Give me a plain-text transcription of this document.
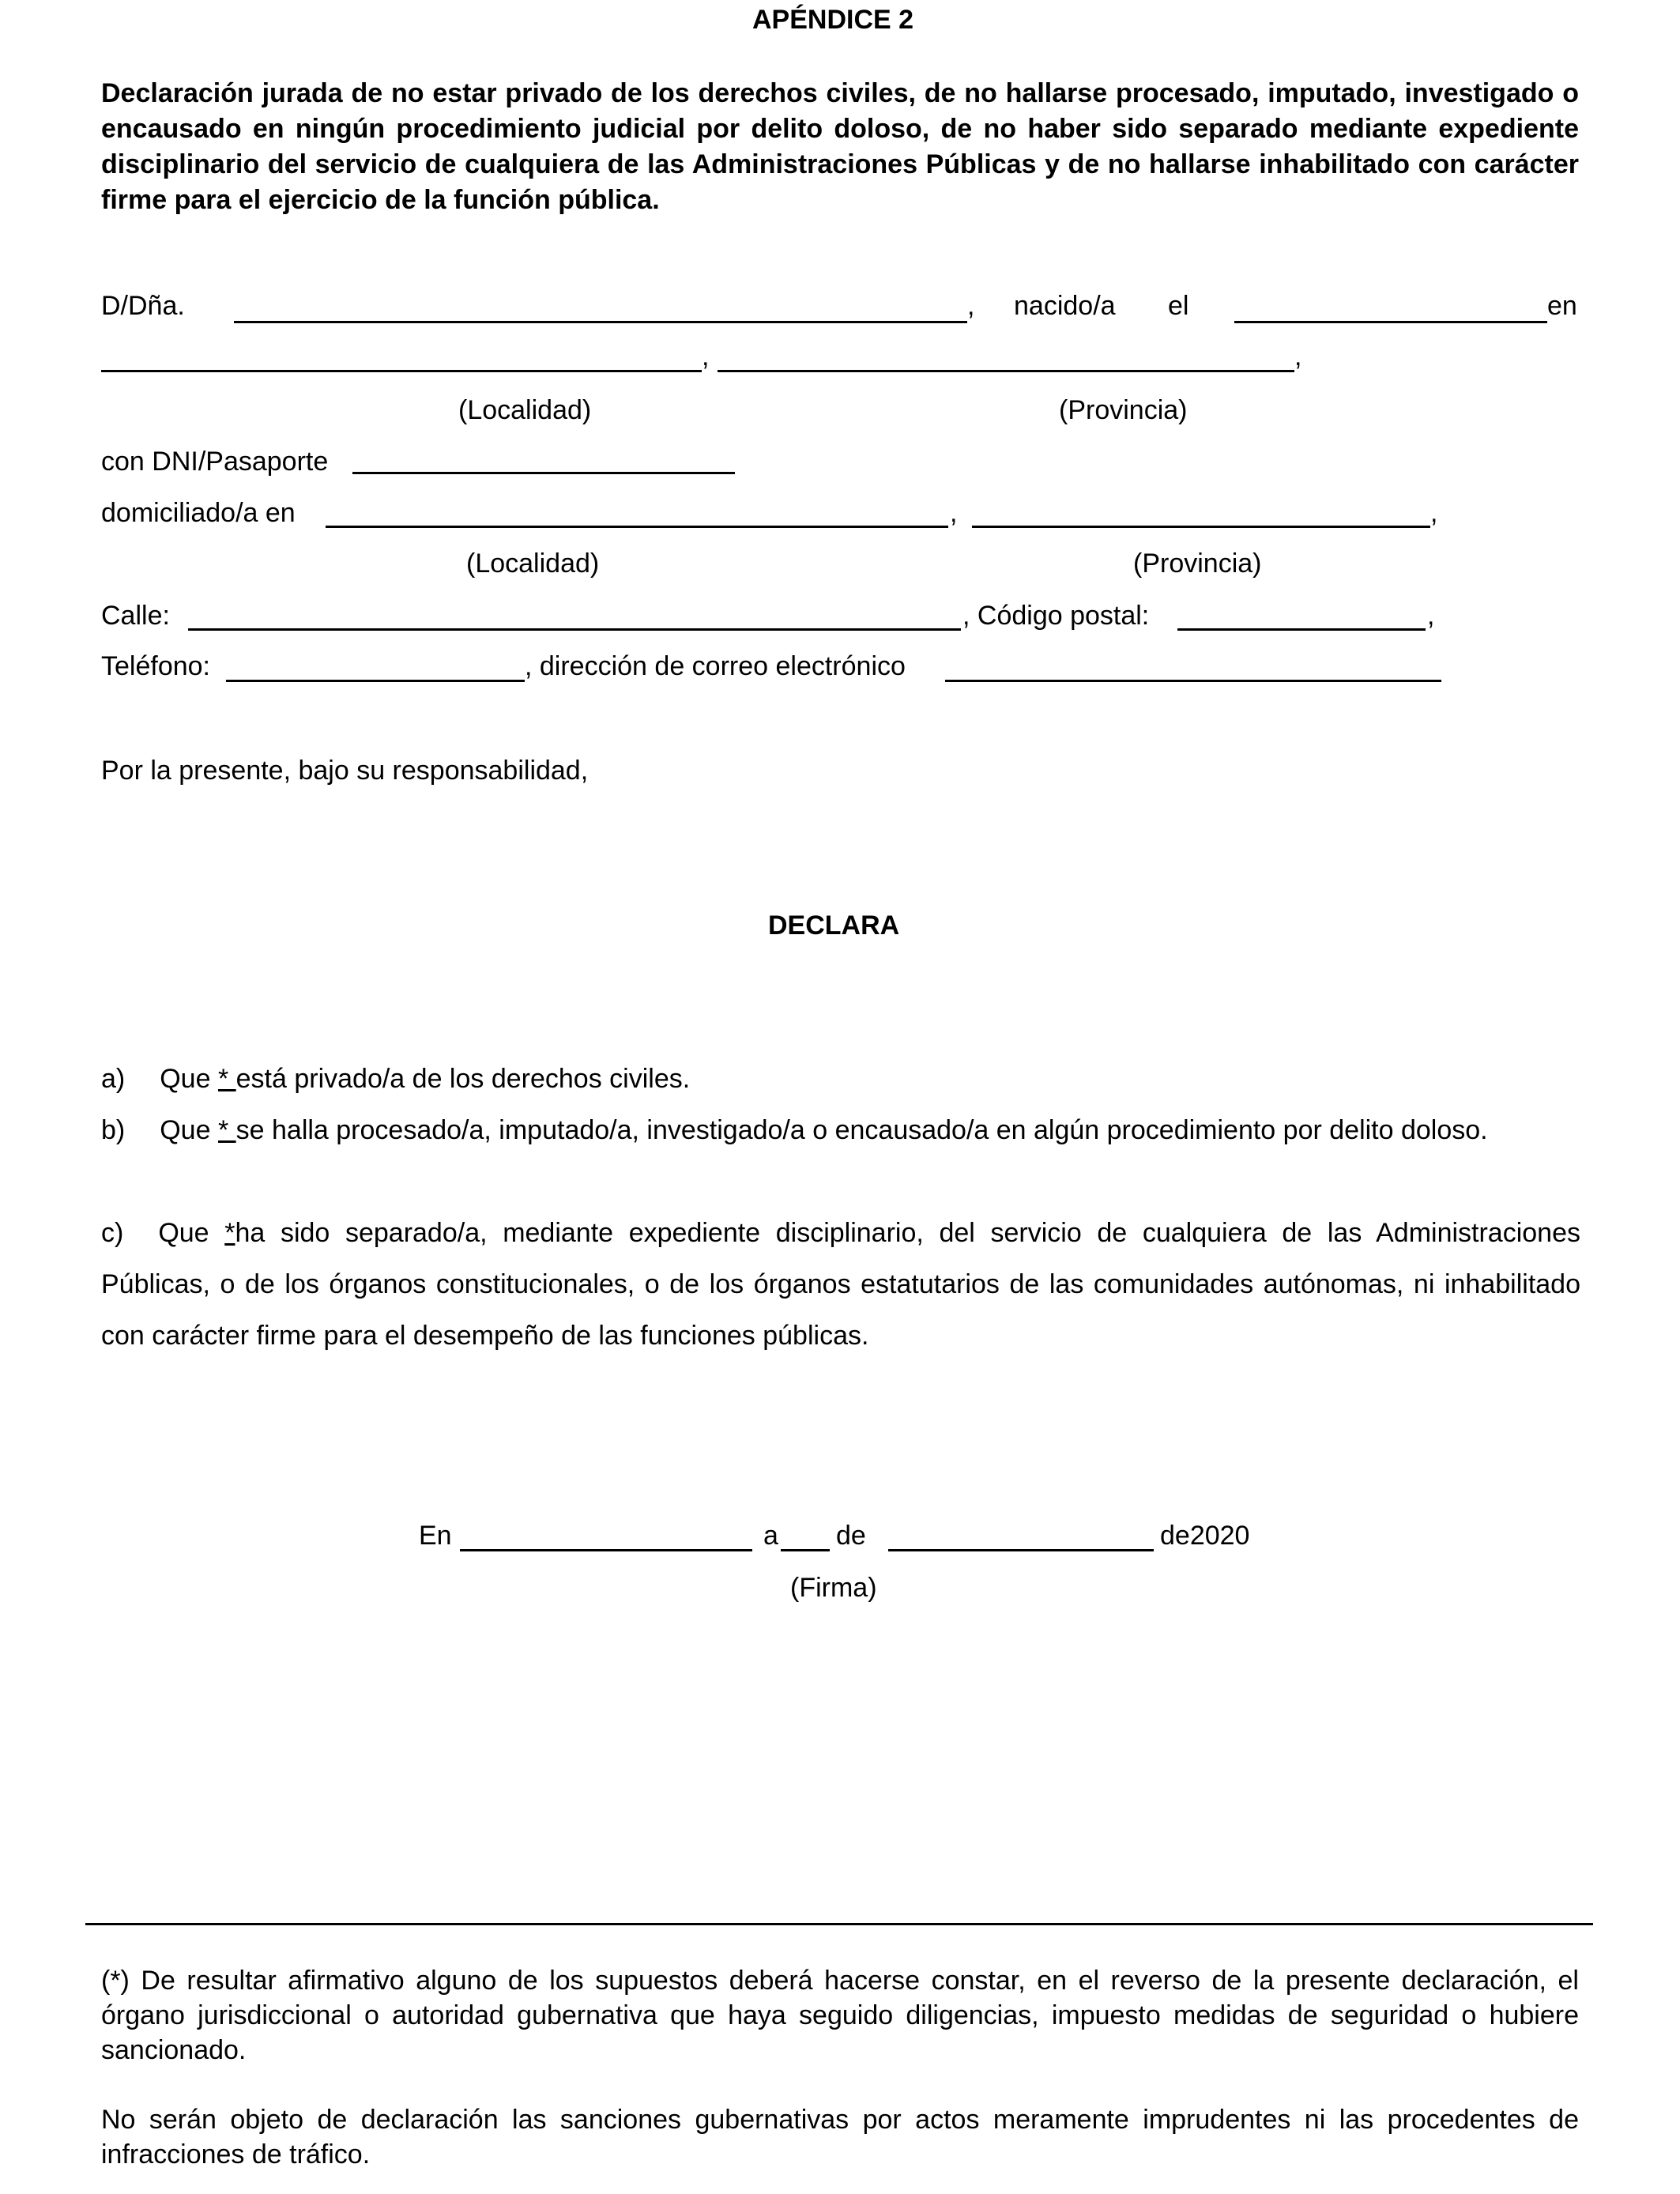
APÉNDICE 2
Declaración jurada de no estar privado de los derechos civiles, de no hallarse procesado, imputado, investigado o encausado en ningún procedimiento judicial por delito doloso, de no haber sido separado mediante expediente disciplinario del servicio de cualquiera de las Administraciones Públicas y de no hallarse inhabilitado con carácter firme para el ejercicio de la función pública.
D/Dña.	, nacido/a el	en
,	,
(Localidad)	(Provincia)
con DNI/Pasaporte
domiciliado/a en	,	,
(Localidad)	(Provincia)
Calle:	, Código postal:	,
Teléfono:	, dirección de correo electrónico
Por la presente, bajo su responsabilidad,
DECLARA
a) Que * está privado/a de los derechos civiles.
b) Que * se halla procesado/a, imputado/a, investigado/a o encausado/a en algún procedimiento por delito doloso.
c) Que *ha sido separado/a, mediante expediente disciplinario, del servicio de cualquiera de las Administraciones Públicas, o de los órganos constitucionales, o de los órganos estatutarios de las comunidades autónomas, ni inhabilitado con carácter firme para el desempeño de las funciones públicas.
En	a de	de2020
(Firma)
(*) De resultar afirmativo alguno de los supuestos deberá hacerse constar, en el reverso de la presente declaración, el órgano jurisdiccional o autoridad gubernativa que haya seguido diligencias, impuesto medidas de seguridad o hubiere sancionado.
No serán objeto de declaración las sanciones gubernativas por actos meramente imprudentes ni las procedentes de infracciones de tráfico.
